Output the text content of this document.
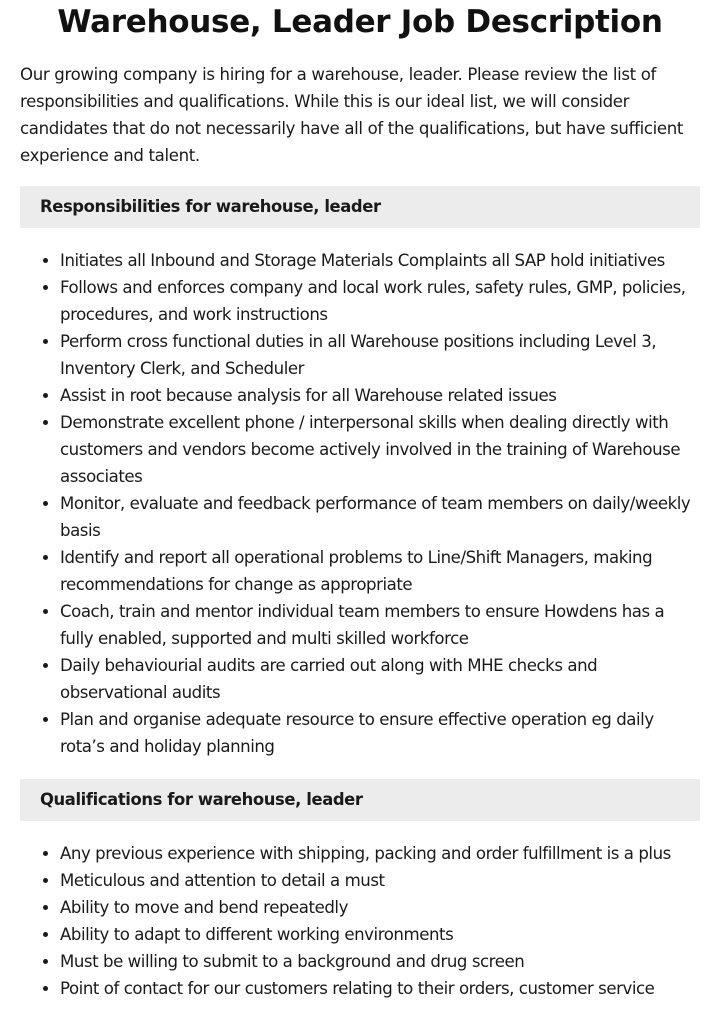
Warehouse, Leader Job Description

Our growing company is hiring for a warehouse, leader. Please review the list of responsibilities and qualifications. While this is our ideal list, we will consider candidates that do not necessarily have all of the qualifications, but have sufficient experience and talent.

Responsibilities for warehouse, leader
• Initiates all Inbound and Storage Materials Complaints all SAP hold initiatives
• Follows and enforces company and local work rules, safety rules, GMP, policies, procedures, and work instructions
• Perform cross functional duties in all Warehouse positions including Level 3, Inventory Clerk, and Scheduler
• Assist in root because analysis for all Warehouse related issues
• Demonstrate excellent phone / interpersonal skills when dealing directly with customers and vendors become actively involved in the training of Warehouse associates
• Monitor, evaluate and feedback performance of team members on daily/weekly basis
• Identify and report all operational problems to Line/Shift Managers, making recommendations for change as appropriate
• Coach, train and mentor individual team members to ensure Howdens has a fully enabled, supported and multi skilled workforce
• Daily behaviourial audits are carried out along with MHE checks and observational audits
• Plan and organise adequate resource to ensure effective operation eg daily rota’s and holiday planning
Qualifications for warehouse, leader
• Any previous experience with shipping, packing and order fulfillment is a plus
• Meticulous and attention to detail a must
• Ability to move and bend repeatedly
• Ability to adapt to different working environments
• Must be willing to submit to a background and drug screen
• Point of contact for our customers relating to their orders, customer service
